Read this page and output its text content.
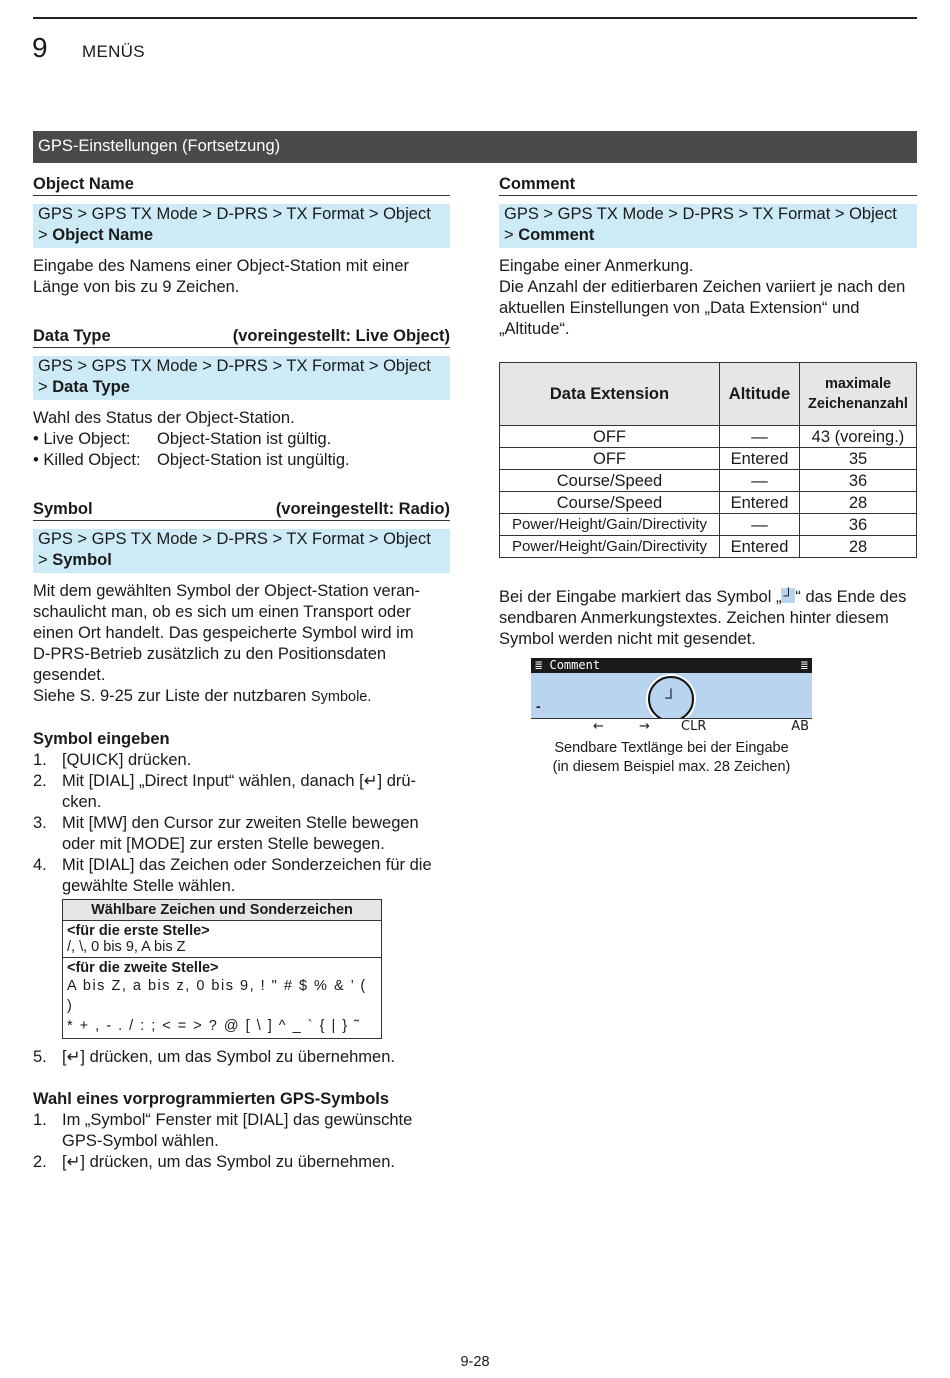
9 MENÜS
GPS-Einstellungen (Fortsetzung)
Object Name
GPS > GPS TX Mode > D-PRS > TX Format > Object
> Object Name
Eingabe des Namens einer Object-Station mit einer Länge von bis zu 9 Zeichen.
Data Type	(voreingestellt: Live Object)
GPS > GPS TX Mode > D-PRS > TX Format > Object
> Data Type
Wahl des Status der Object-Station.
• Live Object:	Object-Station ist gültig.
• Killed Object: Object-Station ist ungültig.
Symbol	(voreingestellt: Radio)
GPS > GPS TX Mode > D-PRS > TX Format > Object
> Symbol
Mit dem gewählten Symbol der Object-Station veran-
schaulicht man, ob es sich um einen Transport oder
einen Ort handelt. Das gespeicherte Symbol wird im
D-PRS-Betrieb zusätzlich zu den Positionsdaten
gesendet.
Siehe S. 9-25 zur Liste der nutzbaren Symbole.
Symbol eingeben
1. [QUICK] drücken.
2. Mit [DIAL] „Direct Input“ wählen, danach [↵] drü-cken.
3. Mit [MW] den Cursor zur zweiten Stelle bewegen oder mit [MODE] zur ersten Stelle bewegen.
4. Mit [DIAL] das Zeichen oder Sonderzeichen für die gewählte Stelle wählen.
Wählbare Zeichen und Sonderzeichen

<für die erste Stelle>
/, \, 0 bis 9, A bis Z

<für die zweite Stelle>
A bis Z, a bis z, 0 bis 9, ! " # $ % & ’ ( )
* + , - . / : ; < = > ? @ [ \ ] ^ _ ` { | } ˜
5. [↵] drücken, um das Symbol zu übernehmen.
Wahl eines vorprogrammierten GPS-Symbols
1. Im „Symbol“ Fenster mit [DIAL] das gewünschte GPS-Symbol wählen.
2. [↵] drücken, um das Symbol zu übernehmen.
Comment
GPS > GPS TX Mode > D-PRS > TX Format > Object
> Comment
Eingabe einer Anmerkung.
Die Anzahl der editierbaren Zeichen variiert je nach den aktuellen Einstellungen von „Data Extension“ und „Altitude“.
Data Extension	Altitude	maximale Zeichenanzahl
OFF	—	43 (voreing.)
OFF	Entered	35
Course/Speed	—	36
Course/Speed	Entered	28
Power/Height/Gain/Directivity	—	36
Power/Height/Gain/Directivity	Entered	28
Bei der Eingabe markiert das Symbol „ ┘ “ das Ende des sendbaren Anmerkungstextes. Zeichen hinter diesem Symbol werden nicht mit gesendet.
≣ Comment	≣
-	┘
←	→ CLR	AB
Sendbare Textlänge bei der Eingabe
(in diesem Beispiel max. 28 Zeichen)
9-28
